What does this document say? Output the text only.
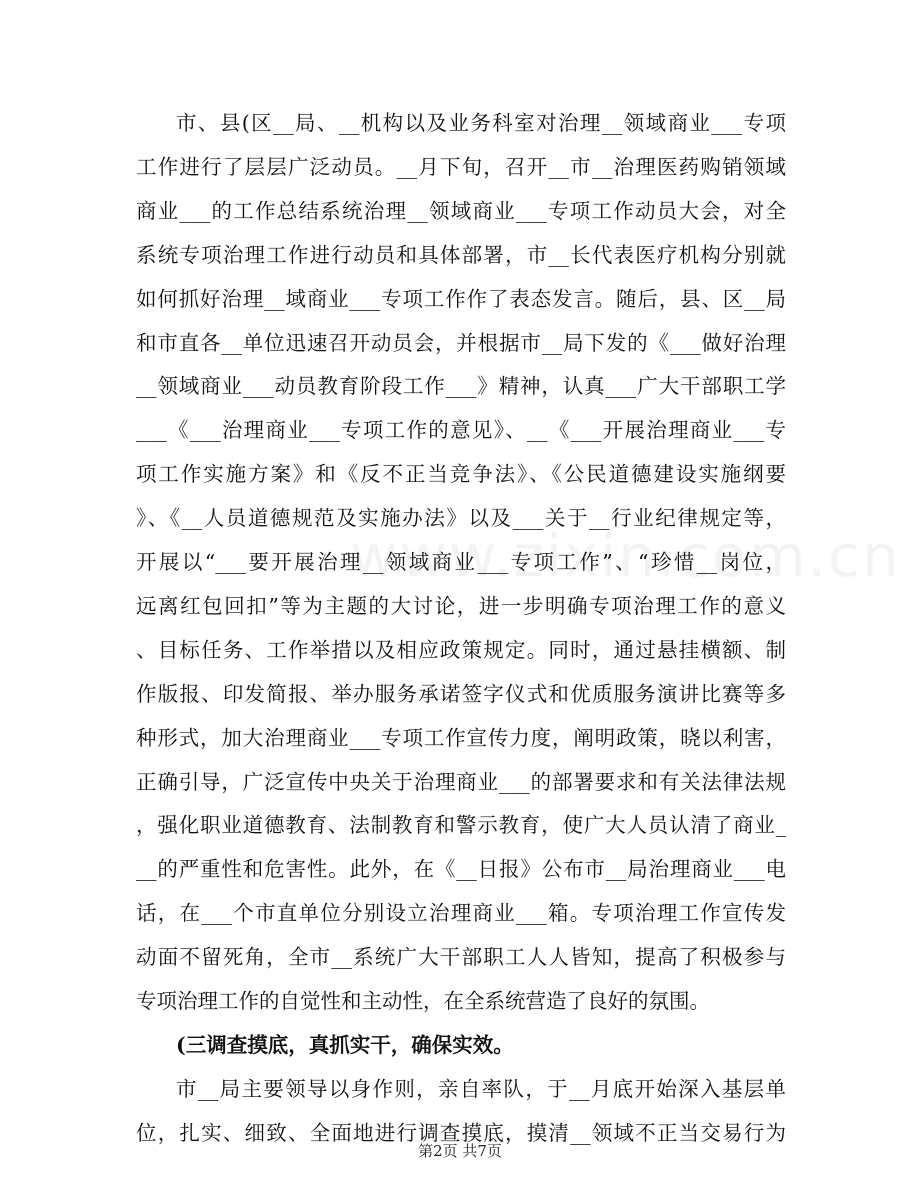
市、县(区__局、__机构以及业务科室对治理__领域商业___专项
工作进行了层层广泛动员。__月下旬，召开__市__治理医药购销领域
商业___的工作总结系统治理__领域商业___专项工作动员大会，对全
系统专项治理工作进行动员和具体部署，市__长代表医疗机构分别就
如何抓好治理__域商业___专项工作作了表态发言。随后，县、区__局
和市直各__单位迅速召开动员会，并根据市__局下发的《___做好治理
__领域商业___动员教育阶段工作___》精神，认真___广大干部职工学
___《___治理商业___专项工作的意见》、__《___开展治理商业___专
项工作实施方案》和《反不正当竞争法》、《公民道德建设实施纲要
》、《__人员道德规范及实施办法》以及___关于__行业纪律规定等，
开展以“___要开展治理__领域商业___专项工作”、“珍惜__岗位，
远离红包回扣”等为主题的大讨论，进一步明确专项治理工作的意义
、目标任务、工作举措以及相应政策规定。同时，通过悬挂横额、制
作版报、印发简报、举办服务承诺签字仪式和优质服务演讲比赛等多
种形式，加大治理商业___专项工作宣传力度，阐明政策，晓以利害，
正确引导，广泛宣传中央关于治理商业___的部署要求和有关法律法规
，强化职业道德教育、法制教育和警示教育，使广大人员认清了商业_
__的严重性和危害性。此外，在《__日报》公布市__局治理商业___电
话，在___个市直单位分别设立治理商业___箱。专项治理工作宣传发
动面不留死角，全市__系统广大干部职工人人皆知，提高了积极参与
专项治理工作的自觉性和主动性，在全系统营造了良好的氛围。
(三调查摸底，真抓实干，确保实效。
市__局主要领导以身作则，亲自率队，于__月底开始深入基层单
第2页 共7页
位，扎实、细致、全面地进行调查摸底，摸清__领域不正当交易行为
